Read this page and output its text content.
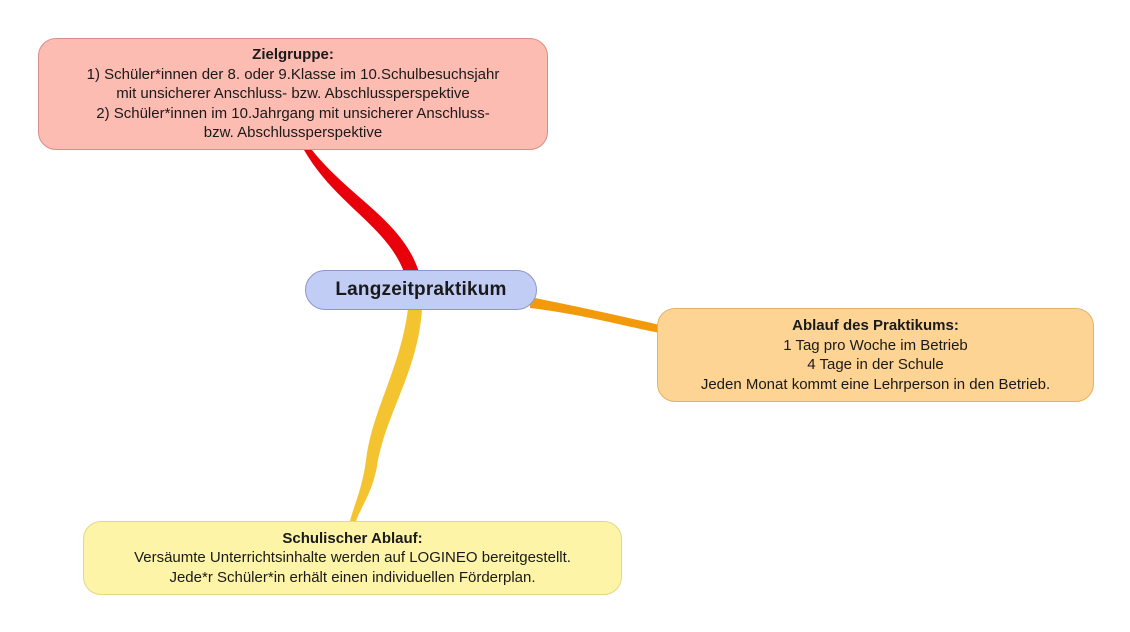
Langzeitpraktikum
Zielgruppe:
1) Schüler*innen der 8. oder 9.Klasse im 10.Schulbesuchsjahr
mit unsicherer Anschluss- bzw. Abschlussperspektive
2) Schüler*innen im 10.Jahrgang mit unsicherer Anschluss-
bzw. Abschlussperspektive
Ablauf des Praktikums:
1 Tag pro Woche im Betrieb
4 Tage in der Schule
Jeden Monat kommt eine Lehrperson in den Betrieb.
Schulischer Ablauf:
Versäumte Unterrichtsinhalte werden auf LOGINEO bereitgestellt.
Jede*r Schüler*in erhält einen individuellen Förderplan.
